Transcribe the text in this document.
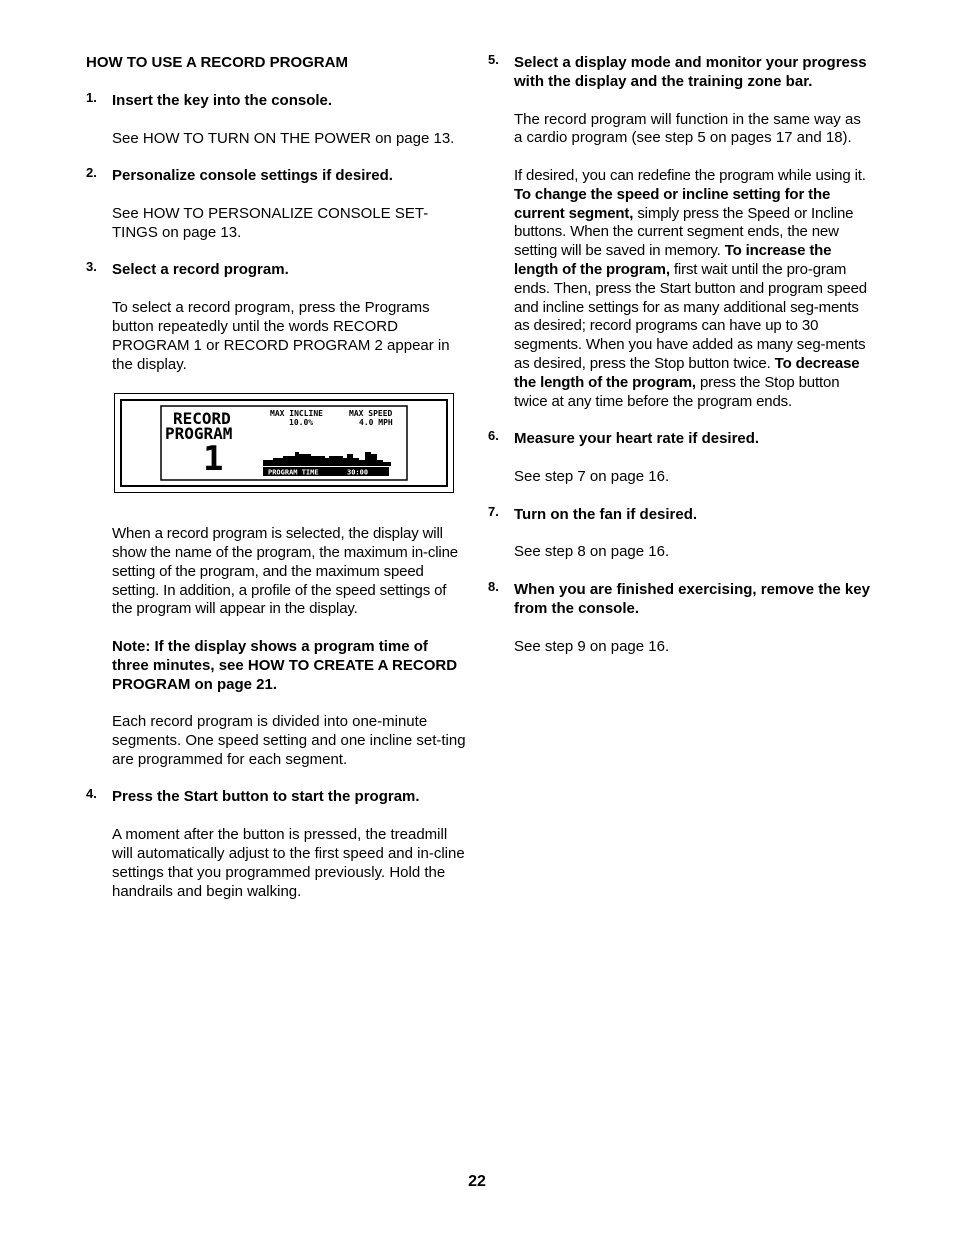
HOW TO USE A RECORD PROGRAM
1. Insert the key into the console.
See HOW TO TURN ON THE POWER on page 13.
2. Personalize console settings if desired.
See HOW TO PERSONALIZE CONSOLE SET-TINGS on page 13.
3. Select a record program.
To select a record program, press the Programs button repeatedly until the words RECORD PROGRAM 1 or RECORD PROGRAM 2 appear in the display.
RECORD
PROGRAM
1
MAX INCLINE
10.0%
MAX SPEED
4.0 MPH
PROGRAM TIME	30:00
When a record program is selected, the display will show the name of the program, the maximum in-cline setting of the program, and the maximum speed setting. In addition, a profile of the speed settings of the program will appear in the display.
Note: If the display shows a program time of three minutes, see HOW TO CREATE A RECORD PROGRAM on page 21.
Each record program is divided into one-minute segments. One speed setting and one incline set-ting are programmed for each segment.
4. Press the Start button to start the program.
A moment after the button is pressed, the treadmill will automatically adjust to the first speed and in-cline settings that you programmed previously. Hold the handrails and begin walking.
5. Select a display mode and monitor your progress with the display and the training zone bar.
The record program will function in the same way as a cardio program (see step 5 on pages 17 and 18).
If desired, you can redefine the program while using it. To change the speed or incline setting for the current segment, simply press the Speed or Incline buttons. When the current segment ends, the new setting will be saved in memory. To increase the length of the program, first wait until the pro-gram ends. Then, press the Start button and program speed and incline settings for as many additional seg-ments as desired; record programs can have up to 30 segments. When you have added as many seg-ments as desired, press the Stop button twice. To decrease the length of the program, press the Stop button twice at any time before the program ends.
6. Measure your heart rate if desired.
See step 7 on page 16.
7. Turn on the fan if desired.
See step 8 on page 16.
8. When you are finished exercising, remove the key from the console.
See step 9 on page 16.
22
